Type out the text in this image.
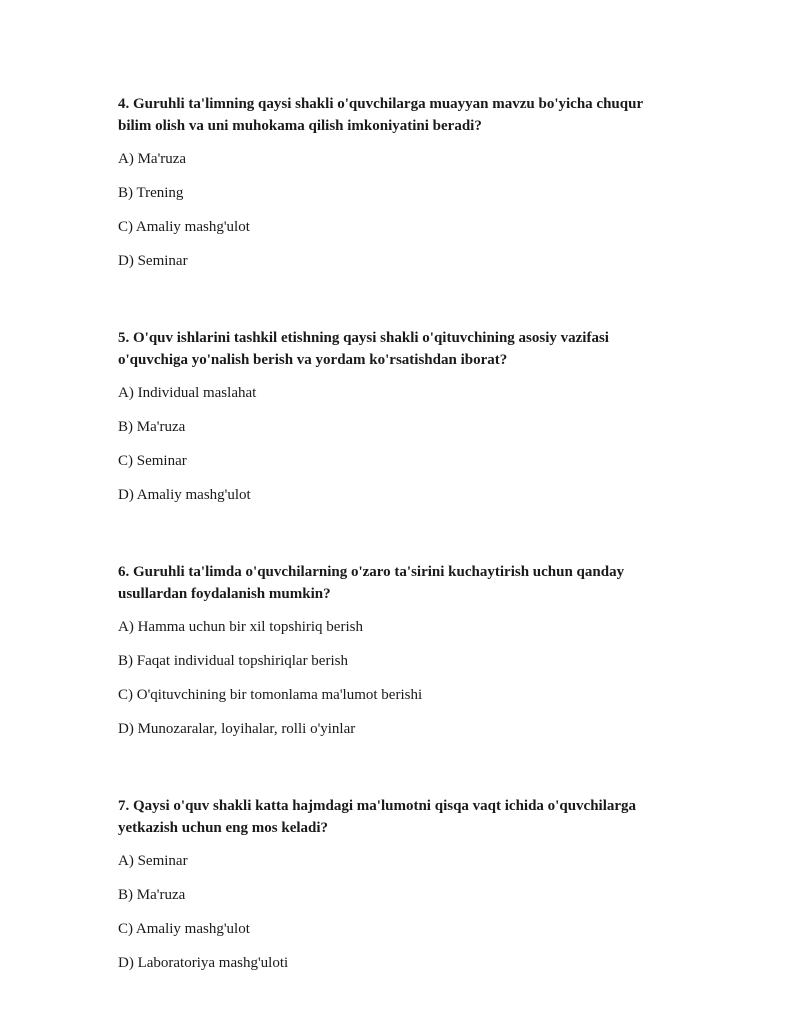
4. Guruhli ta'limning qaysi shakli o'quvchilarga muayyan mavzu bo'yicha chuqur bilim olish va uni muhokama qilish imkoniyatini beradi?

A) Ma'ruza

B) Trening

C) Amaliy mashg'ulot

D) Seminar

5. O'quv ishlarini tashkil etishning qaysi shakli o'qituvchining asosiy vazifasi o'quvchiga yo'nalish berish va yordam ko'rsatishdan iborat?

A) Individual maslahat

B) Ma'ruza

C) Seminar

D) Amaliy mashg'ulot

6. Guruhli ta'limda o'quvchilarning o'zaro ta'sirini kuchaytirish uchun qanday usullardan foydalanish mumkin?

A) Hamma uchun bir xil topshiriq berish

B) Faqat individual topshiriqlar berish

C) O'qituvchining bir tomonlama ma'lumot berishi

D) Munozaralar, loyihalar, rolli o'yinlar

7. Qaysi o'quv shakli katta hajmdagi ma'lumotni qisqa vaqt ichida o'quvchilarga yetkazish uchun eng mos keladi?

A) Seminar

B) Ma'ruza

C) Amaliy mashg'ulot

D) Laboratoriya mashg'uloti
